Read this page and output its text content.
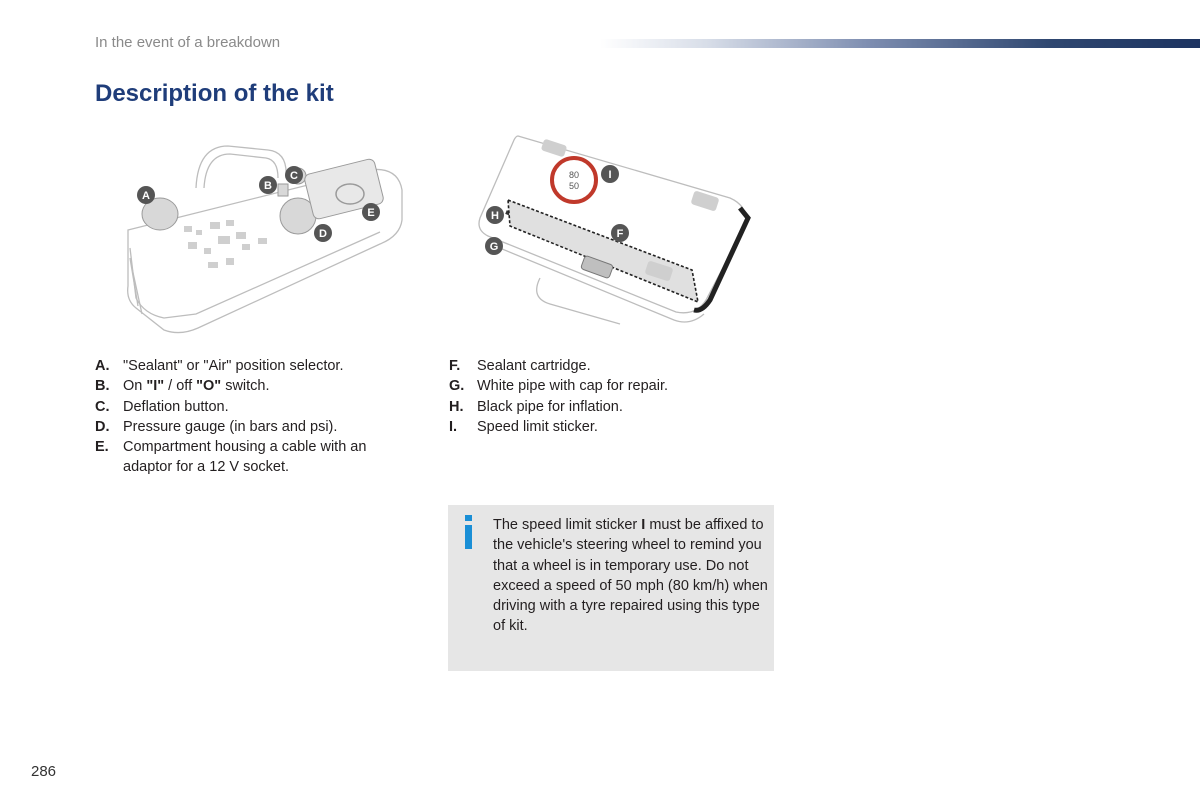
In the event of a breakdown
Description of the kit
A
B
C
D
E
80
50
I
H
F
G
A. "Sealant" or "Air" position selector.
B. On "I" / off "O" switch.
C. Deflation button.
D. Pressure gauge (in bars and psi).
E. Compartment housing a cable with an adaptor for a 12 V socket.
F. Sealant cartridge.
G. White pipe with cap for repair.
H. Black pipe for inflation.
I. Speed limit sticker.
The speed limit sticker I must be affixed to the vehicle's steering wheel to remind you that a wheel is in temporary use. Do not exceed a speed of 50 mph (80 km/h) when driving with a tyre repaired using this type of kit.
286
